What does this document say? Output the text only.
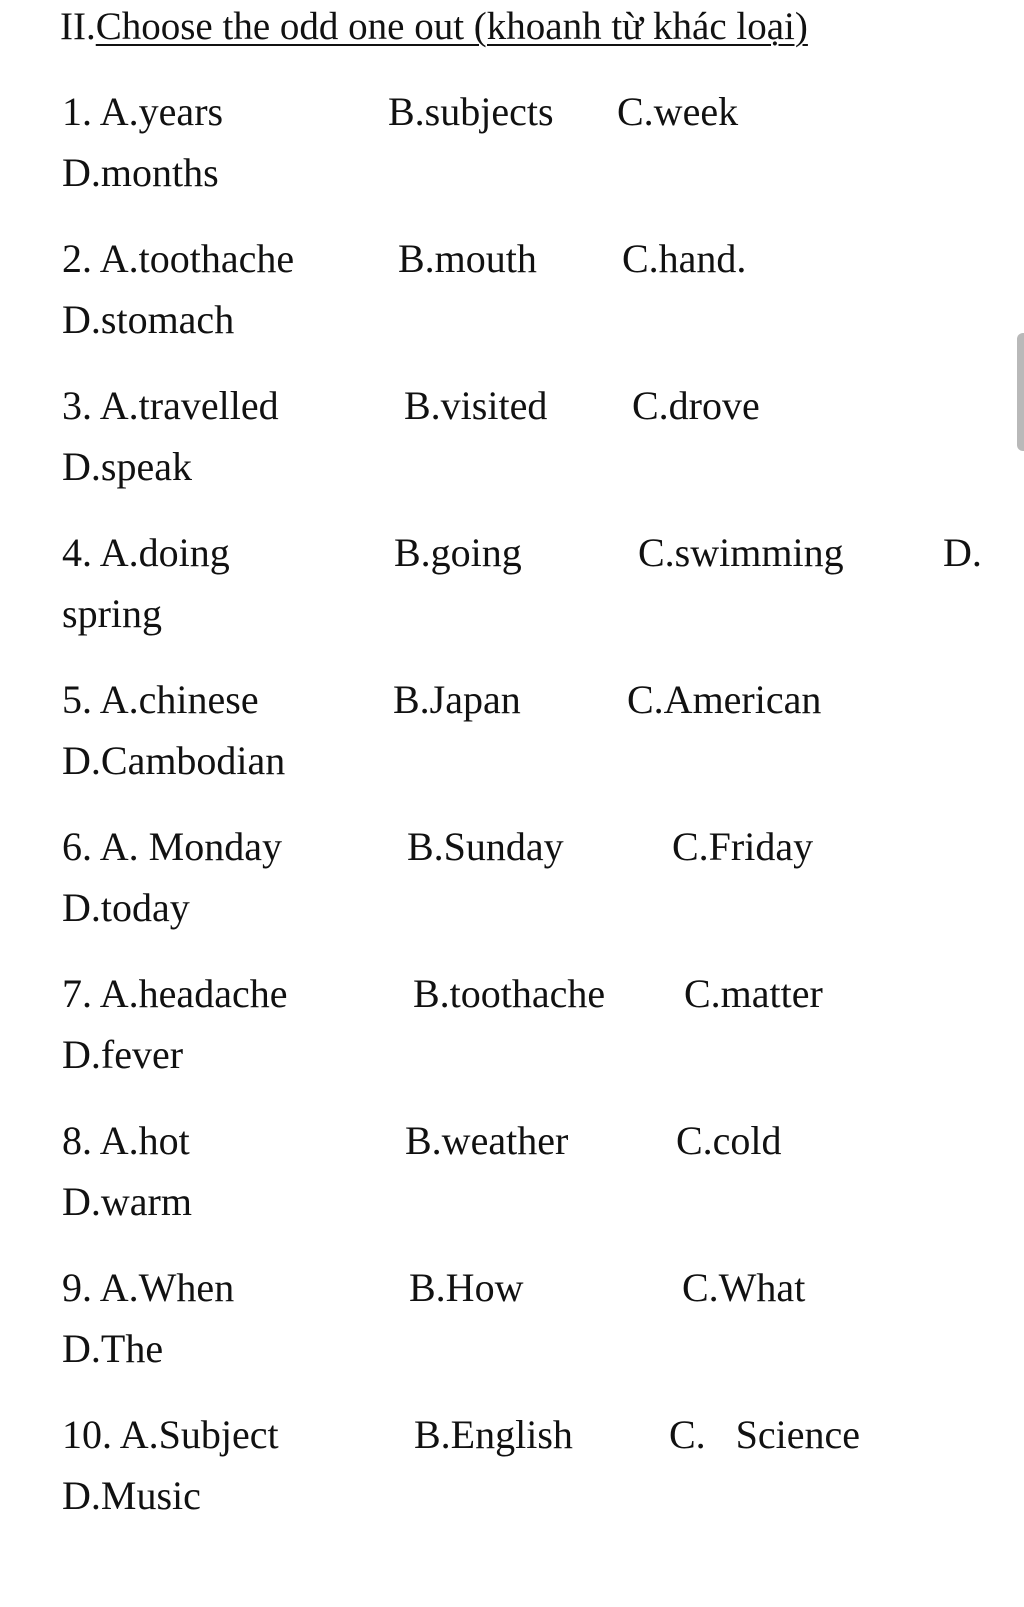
II.Choose the odd one out (khoanh từ khác loại)
1. A.years	B.subjects C.week
D.months
2. A.toothache	B.mouth C.hand.
D.stomach
3. A.travelled	B.visited C.drove
D.speak
4. A.doing	B.going	C.swimming D.
spring
5. A.chinese	B.Japan	C.American
D.Cambodian
6. A. Monday	B.Sunday	C.Friday
D.today
7. A.headache	B.toothache C.matter
D.fever
8. A.hot	B.weather	C.cold
D.warm
9. A.When	B.How	C.What
D.The
10. A.Subject	B.English C.   Science
D.Music
